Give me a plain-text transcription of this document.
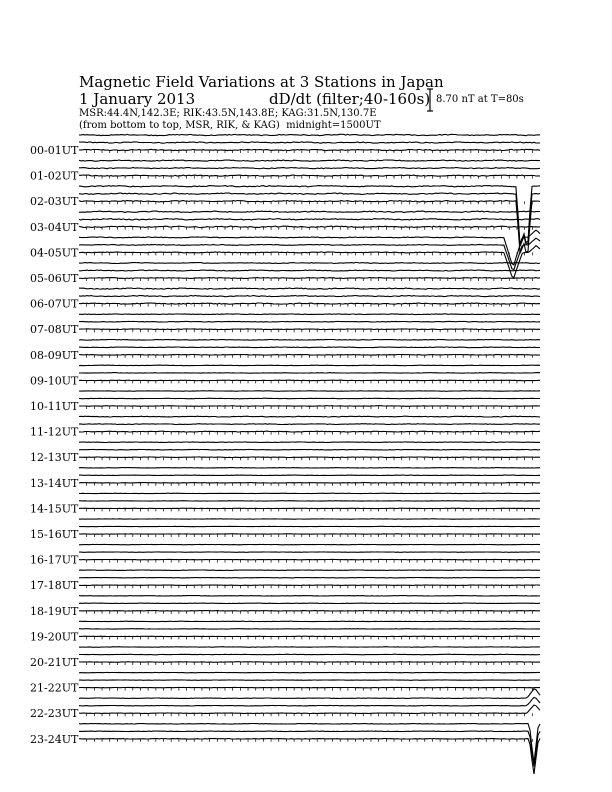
Magnetic Field Variations at 3 Stations in Japan
1 January 2013	dD/dt (filter;40-160s)
MSR:44.4N,142.3E; RIK:43.5N,143.8E; KAG:31.5N,130.7E
(from bottom to top, MSR, RIK, & KAG) midnight=1500UT
8.70 nT at T=80s
00-01UT
01-02UT
02-03UT
03-04UT
04-05UT
05-06UT
06-07UT
07-08UT
08-09UT
09-10UT
10-11UT
11-12UT
12-13UT
13-14UT
14-15UT
15-16UT
16-17UT
17-18UT
18-19UT
19-20UT
20-21UT
21-22UT
22-23UT
23-24UT
